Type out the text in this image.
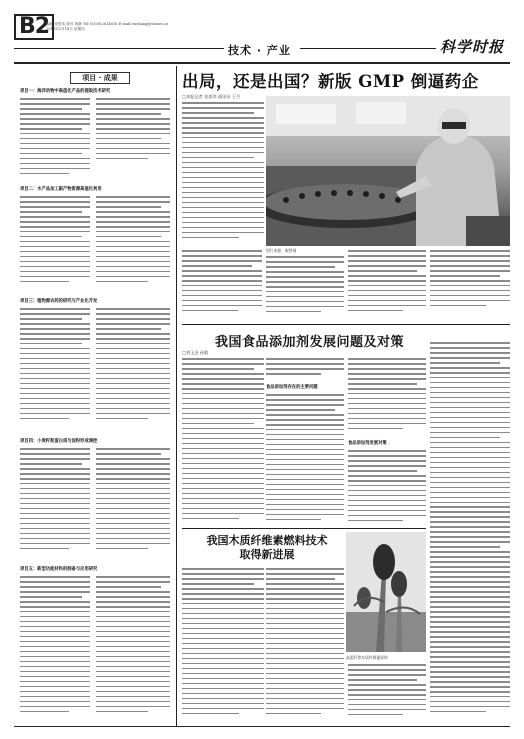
B2
编辑 张思玮 校对 何静 Tel:(010)82614616 E-mail:swzhang@stimes.cn
2013年3月14日 星期四
技术 · 产业	科学时报
项目 · 成果
项目一：海洋动物中高值化产品的提取技术研究
项目二：水产品加工副产物资源高值化利用
项目三：植物源农药的研究与产业化开发
项目四：小麦籽粒蛋白质与淀粉形成调控
项目五：新型功能材料的制备与应用研究
出局，还是出国？新版 GMP 倒逼药企
□本报记者 张思玮 通讯员 王月
图片来源：昵图网
我国食品添加剂发展问题及对策
□刘玉芝 孙毅
食品添加剂存在的主要问题
食品添加剂发展对策
我国木质纤维素燃料技术
取得新进展
高粱秆等木质纤维素原料
